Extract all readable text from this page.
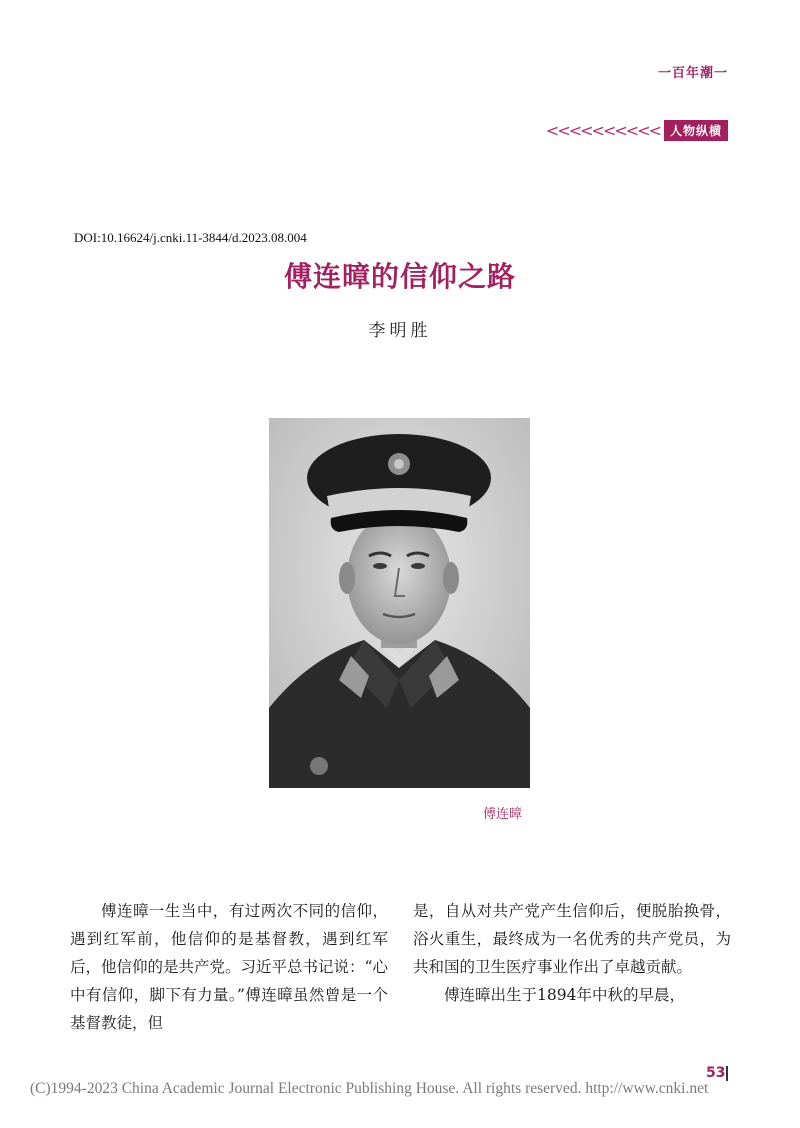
一百年潮一
<<<<<<<<<< 人物纵横
DOI:10.16624/j.cnki.11-3844/d.2023.08.004
傅连暲的信仰之路
李明胜
傅连暲

傅连暲一生当中，有过两次不同的信仰，遇到红军前，他信仰的是基督教，遇到红军后，他信仰的是共产党。习近平总书记说：“心中有信仰，脚下有力量。”傅连暲虽然曾是一个基督教徒，但

是，自从对共产党产生信仰后，便脱胎换骨，浴火重生，最终成为一名优秀的共产党员，为共和国的卫生医疗事业作出了卓越贡献。

傅连暲出生于1894年中秋的早晨，

53
(C)1994-2023 China Academic Journal Electronic Publishing House. All rights reserved. http://www.cnki.net
